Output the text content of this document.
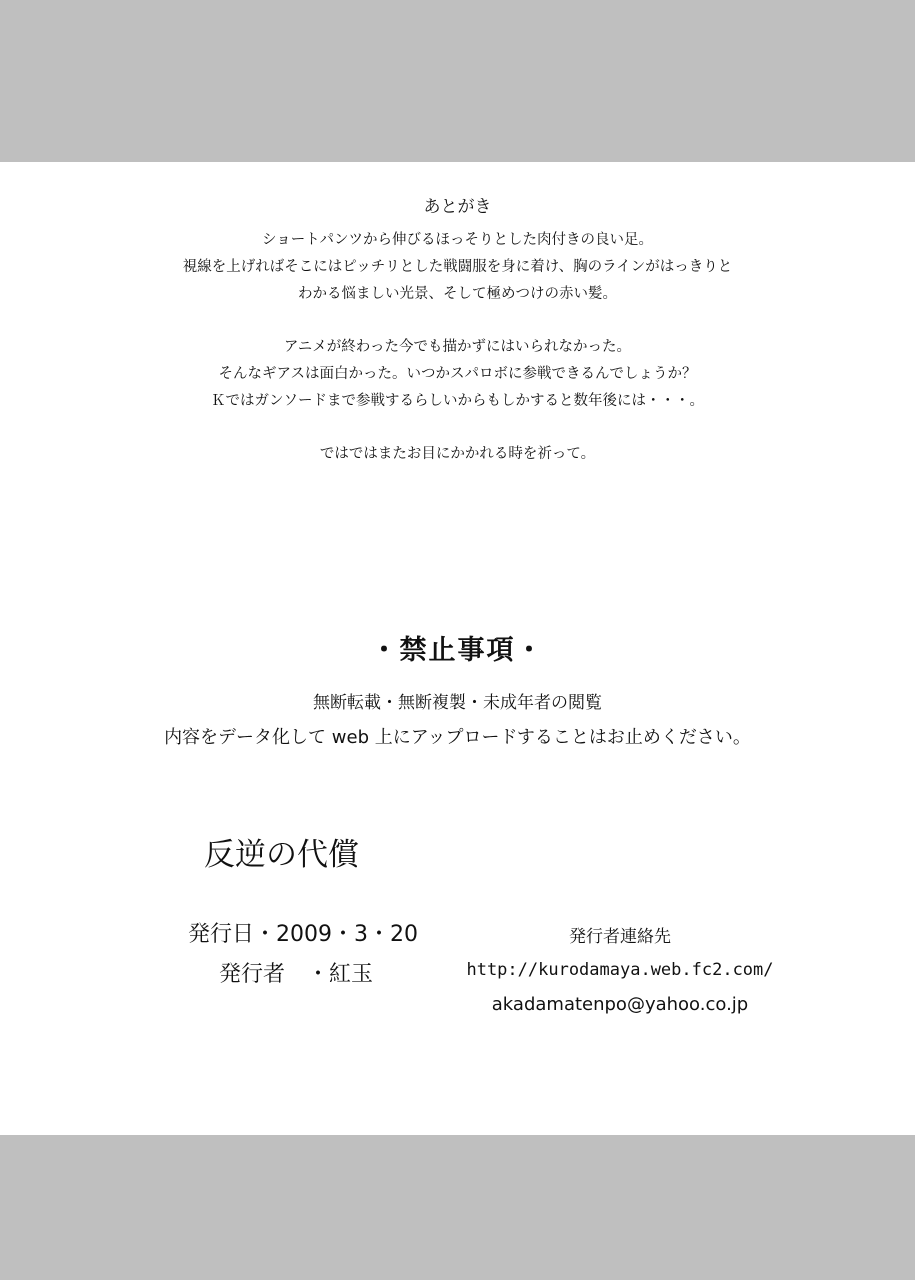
あとがき
ショートパンツから伸びるほっそりとした肉付きの良い足。
視線を上げればそこにはピッチリとした戦闘服を身に着け、胸のラインがはっきりと
わかる悩ましい光景、そして極めつけの赤い髪。
アニメが終わった今でも描かずにはいられなかった。
そんなギアスは面白かった。いつかスパロボに参戦できるんでしょうか？
Ｋではガンソードまで参戦するらしいからもしかすると数年後には・・・。
ではではまたお目にかかれる時を祈って。
・禁止事項・
無断転載・無断複製・未成年者の閲覧
内容をデータ化して web 上にアップロードすることはお止めください。
反逆の代償
発行日・2009・3・20
発行者　・紅玉
発行者連絡先
http://kurodamaya.web.fc2.com/
akadamatenpo@yahoo.co.jp
